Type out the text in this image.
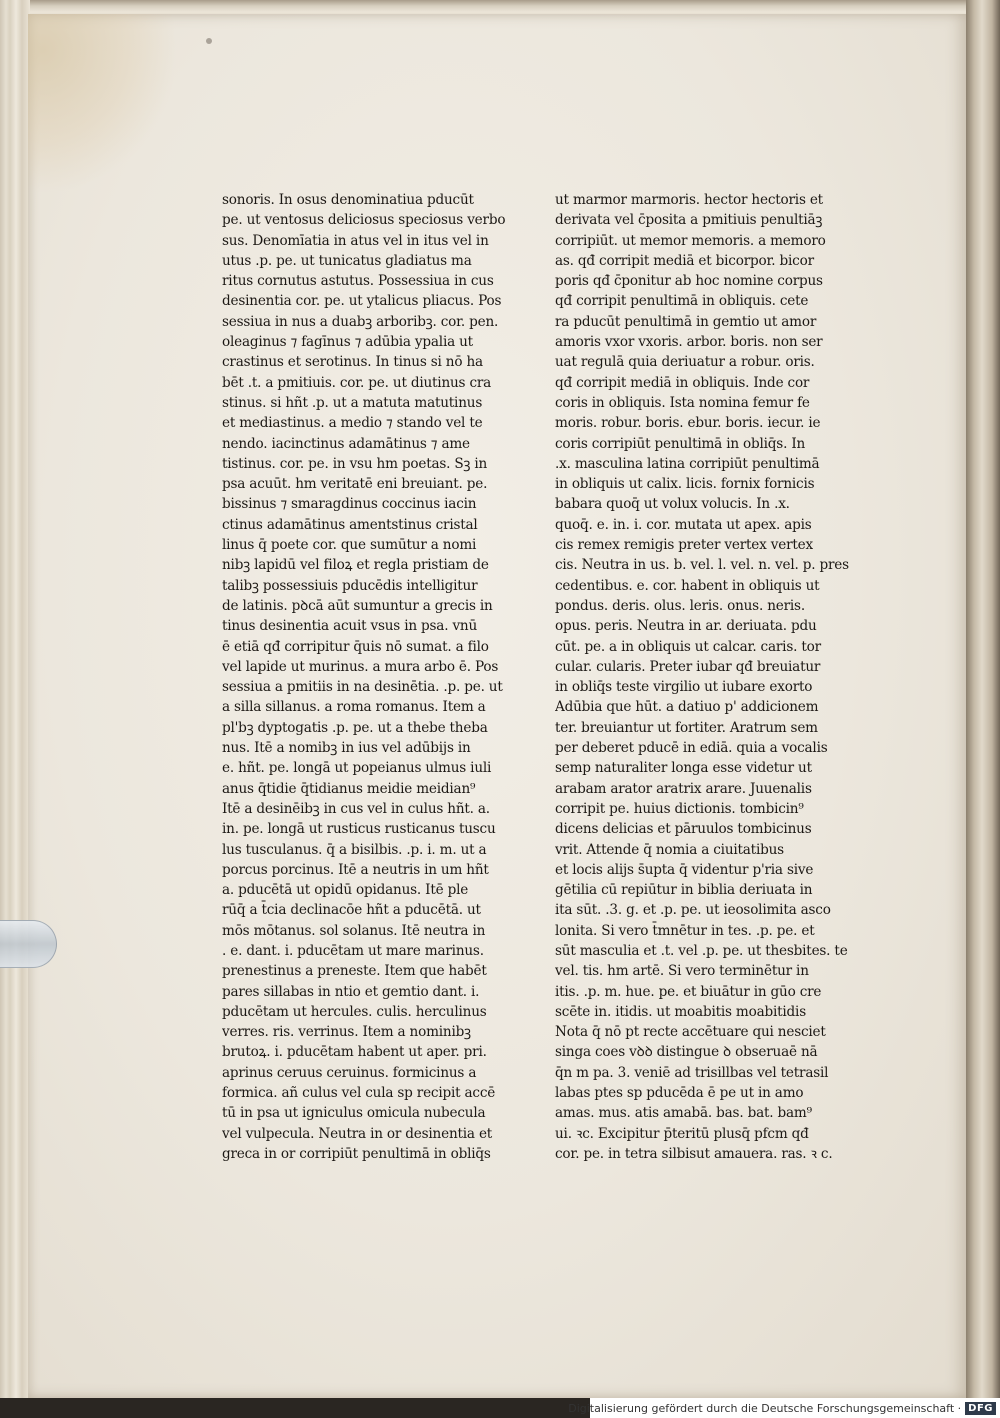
sonoris. In osus denominatiua pducūt
pe. ut ventosus deliciosus speciosus verbo
sus. Denomīatia in atus vel in itus vel in
utus .p. pe. ut tunicatus gladiatus ma
ritus cornutus astutus. Possessiua in cus
desinentia cor. pe. ut ytalicus pliacus. Pos
sessiua in nus a duabꝫ arboribꝫ. cor. pen.
oleaginus ⁊ fagīnus ⁊ adūbia ypalia ut
crastinus et serotinus. In tinus si nō ha
bēt .t. a pmitiuis. cor. pe. ut diutinus cra
stinus. si hñt .p. ut a matuta matutinus
et mediastinus. a medio ⁊ stando vel te
nendo. iacinctinus adamātinus ⁊ ame
tistinus. cor. pe. in vsu hm poetas. Sꝫ in
psa acuūt. hm veritatē eni breuiant. pe.
bissinus ⁊ smaragdinus coccinus iacin
ctinus adamātinus amentstinus cristal
linus q̄ poete cor. que sumūtur a nomi
nibꝫ lapidū vel filoꝝ et regla pristiam de
talibꝫ possessiuis pducēdis intelligitur
de latinis. pꝺcā aūt sumuntur a grecis in
tinus desinentia acuit vsus in psa. vnū
ē etiā qđ corripitur q̄uis nō sumat. a filo
vel lapide ut murinus. a mura arbo ē. Pos
sessiua a pmitiis in na desinētia. .p. pe. ut
a silla sillanus. a roma romanus. Item a
pl'bꝫ dyptogatis .p. pe. ut a thebe theba
nus. Itē a nomibꝫ in ius vel adūbijs in
e. hñt. pe. longā ut popeianus ulmus iuli
anus q̄tidie q̄tidianus meidie meidian⁹
Itē a desinēibꝫ in cus vel in culus hñt. a.
in. pe. longā ut rusticus rusticanus tuscu
lus tusculanus. q̄ a bisilbis. .p. i. m. ut a
porcus porcinus. Itē a neutris in um hñt
a. pducētā ut opidū opidanus. Itē ple
rūq̄ a t̄cia declinacōe hñt a pducētā. ut
mōs mōtanus. sol solanus. Itē neutra in
. e. dant. i. pducētam ut mare marinus.
prenestinus a preneste. Item que habēt
pares sillabas in ntio et gemtio dant. i.
pducētam ut hercules. culis. herculinus
verres. ris. verrinus. Item a nominibꝫ
brutoꝝ. i. pducētam habent ut aper. pri.
aprinus ceruus ceruinus. formicinus a
formica. añ culus vel cula sp recipit accē
tū in psa ut igniculus omicula nubecula
vel vulpecula. Neutra in or desinentia et
greca in or corripiūt penultimā in obliq̄s
ut marmor marmoris. hector hectoris et
derivata vel c̄posita a pmitiuis penultiāꝫ
corripiūt. ut memor memoris. a memoro
as. qđ corripit mediā et bicorpor. bicor
poris qđ c̄ponitur ab hoc nomine corpus
qđ corripit penultimā in obliquis. cete
ra pducūt penultimā in gemtio ut amor
amoris vxor vxoris. arbor. boris. non ser
uat regulā quia deriuatur a robur. oris.
qđ corripit mediā in obliquis. Inde cor
coris in obliquis. Ista nomina femur fe
moris. robur. boris. ebur. boris. iecur. ie
coris corripiūt penultimā in obliq̄s. In
.x. masculina latina corripiūt penultimā
in obliquis ut calix. licis. fornix fornicis
babara quoq̄ ut volux volucis. In .x.
quoq̄. e. in. i. cor. mutata ut apex. apis
cis remex remigis preter vertex vertex
cis. Neutra in us. b. vel. l. vel. n. vel. p. pres
cedentibus. e. cor. habent in obliquis ut
pondus. deris. olus. leris. onus. neris.
opus. peris. Neutra in ar. deriuata. pdu
cūt. pe. a in obliquis ut calcar. caris. tor
cular. cularis. Preter iubar qđ breuiatur
in obliq̄s teste virgilio ut iubare exorto
Adūbia que hūt. a datiuo p' addicionem
ter. breuiantur ut fortiter. Aratrum sem
per deberet pducē in ediā. quia a vocalis
semp naturaliter longa esse videtur ut
arabam arator aratrix arare. Juuenalis
corripit pe. huius dictionis. tombicin⁹
dicens delicias et pāruulos tombicinus
vrit. Attende q̄ nomia a ciuitatibus
et locis alijs s̄upta q̄ videntur p'ria sive
gētilia cū repiūtur in biblia deriuata in
ita sūt. .3. g. et .p. pe. ut ieosolimita asco
lonita. Si vero t̄mnētur in tes. .p. pe. et
sūt masculia et .t. vel .p. pe. ut thesbites. te
vel. tis. hm artē. Si vero terminētur in
itis. .p. m. hue. pe. et biuātur in gūo cre
scēte in. itidis. ut moabitis moabitidis
Nota q̄ nō pt recte accētuare qui nesciet
singa coes vꝺꝺ distingue ꝺ obseruaē nā
q̄n m pa. 3. veniē ad trisillbas vel tetrasil
labas ptes sp pducēda ē pe ut in amo
amas. mus. atis amabā. bas. bat. bam⁹
ui. ꝛc. Excipitur p̄teritū plusq̄ pfcm qđ
cor. pe. in tetra silbisut amauera. ras. ꝛ c.
Digitalisierung gefördert durch die Deutsche Forschungsgemeinschaft · DFG
